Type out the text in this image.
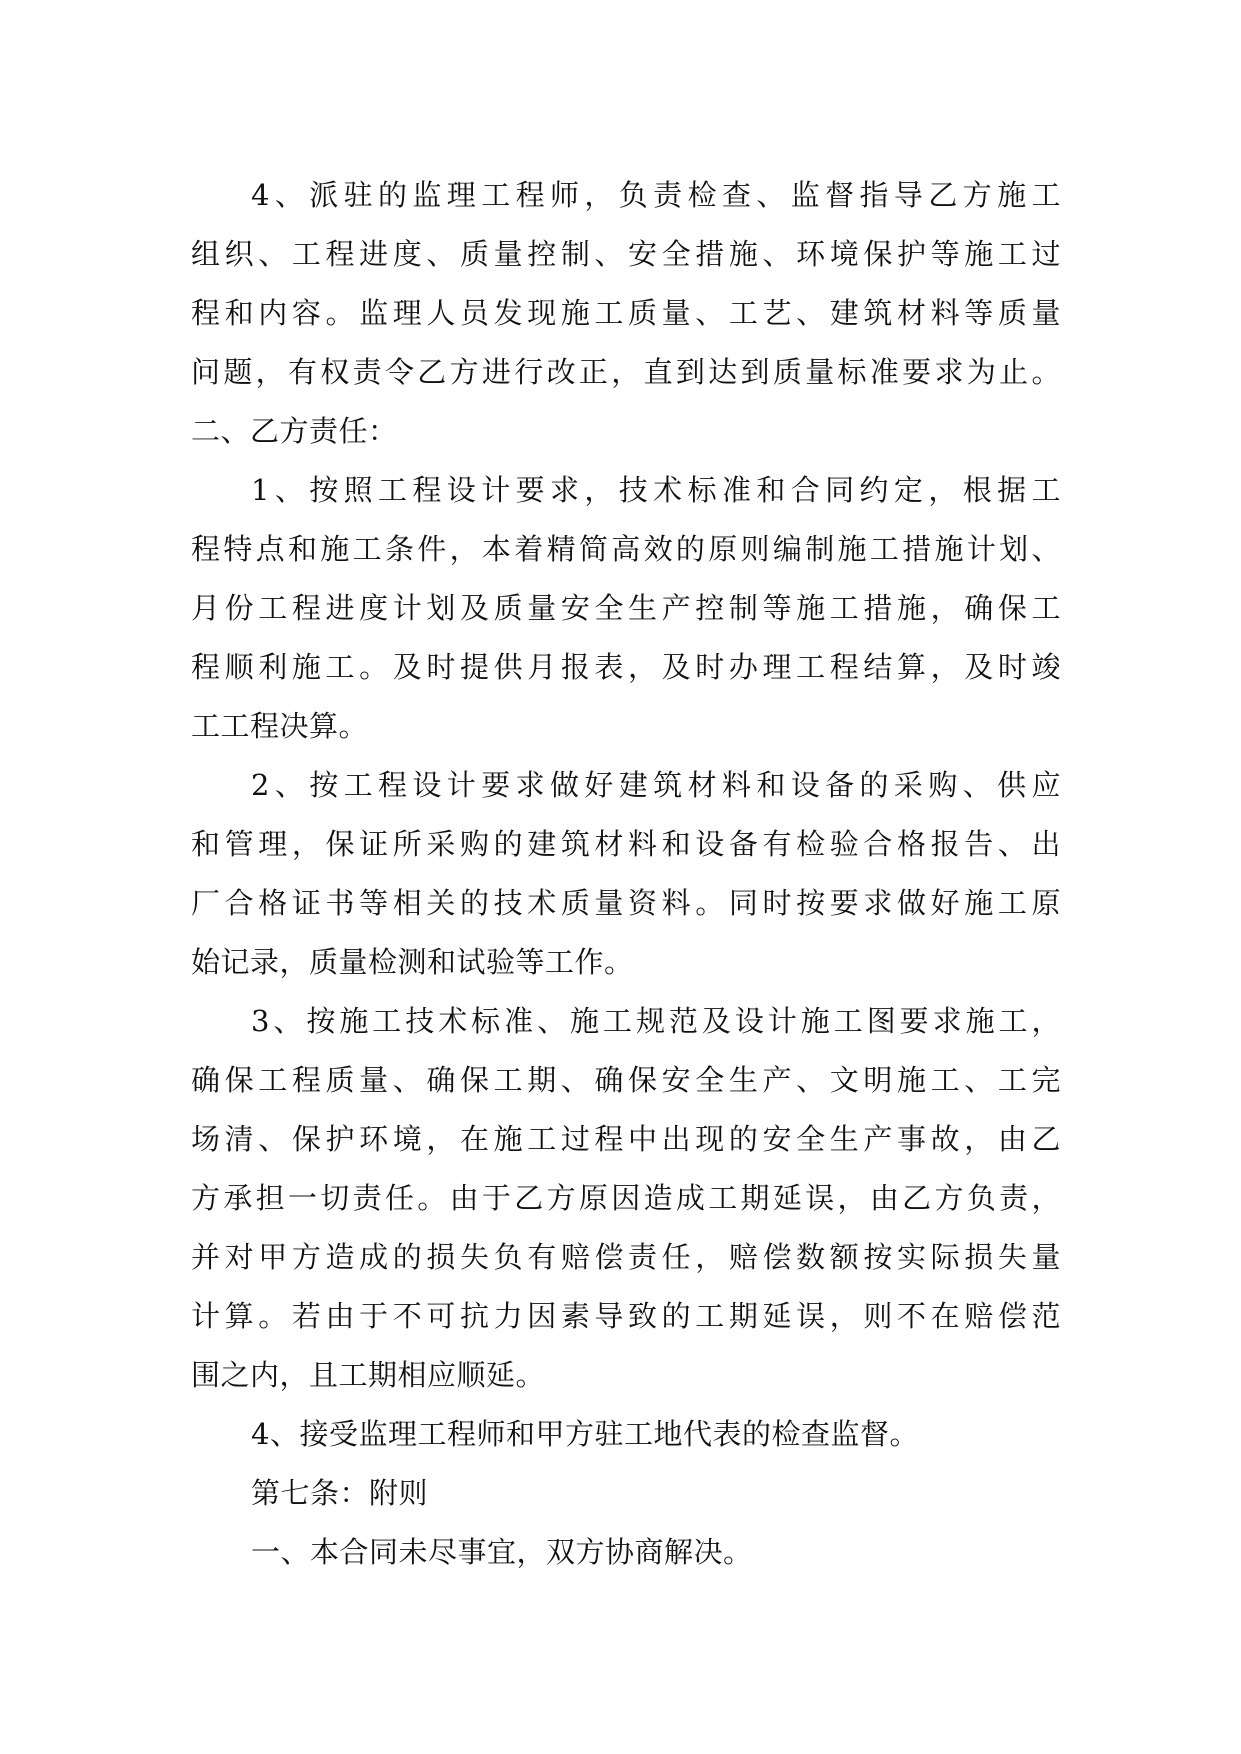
4、派驻的监理工程师，负责检查、监督指导乙方施工
组织、工程进度、质量控制、安全措施、环境保护等施工过
程和内容。监理人员发现施工质量、工艺、建筑材料等质量
问题，有权责令乙方进行改正，直到达到质量标准要求为止。
二、乙方责任：
1、按照工程设计要求，技术标准和合同约定，根据工
程特点和施工条件，本着精简高效的原则编制施工措施计划、
月份工程进度计划及质量安全生产控制等施工措施，确保工
程顺利施工。及时提供月报表，及时办理工程结算，及时竣
工工程决算。
2、按工程设计要求做好建筑材料和设备的采购、供应
和管理，保证所采购的建筑材料和设备有检验合格报告、出
厂合格证书等相关的技术质量资料。同时按要求做好施工原
始记录，质量检测和试验等工作。
3、按施工技术标准、施工规范及设计施工图要求施工，
确保工程质量、确保工期、确保安全生产、文明施工、工完
场清、保护环境，在施工过程中出现的安全生产事故，由乙
方承担一切责任。由于乙方原因造成工期延误，由乙方负责，
并对甲方造成的损失负有赔偿责任，赔偿数额按实际损失量
计算。若由于不可抗力因素导致的工期延误，则不在赔偿范
围之内，且工期相应顺延。
4、接受监理工程师和甲方驻工地代表的检查监督。
第七条：附则
一、本合同未尽事宜，双方协商解决。
